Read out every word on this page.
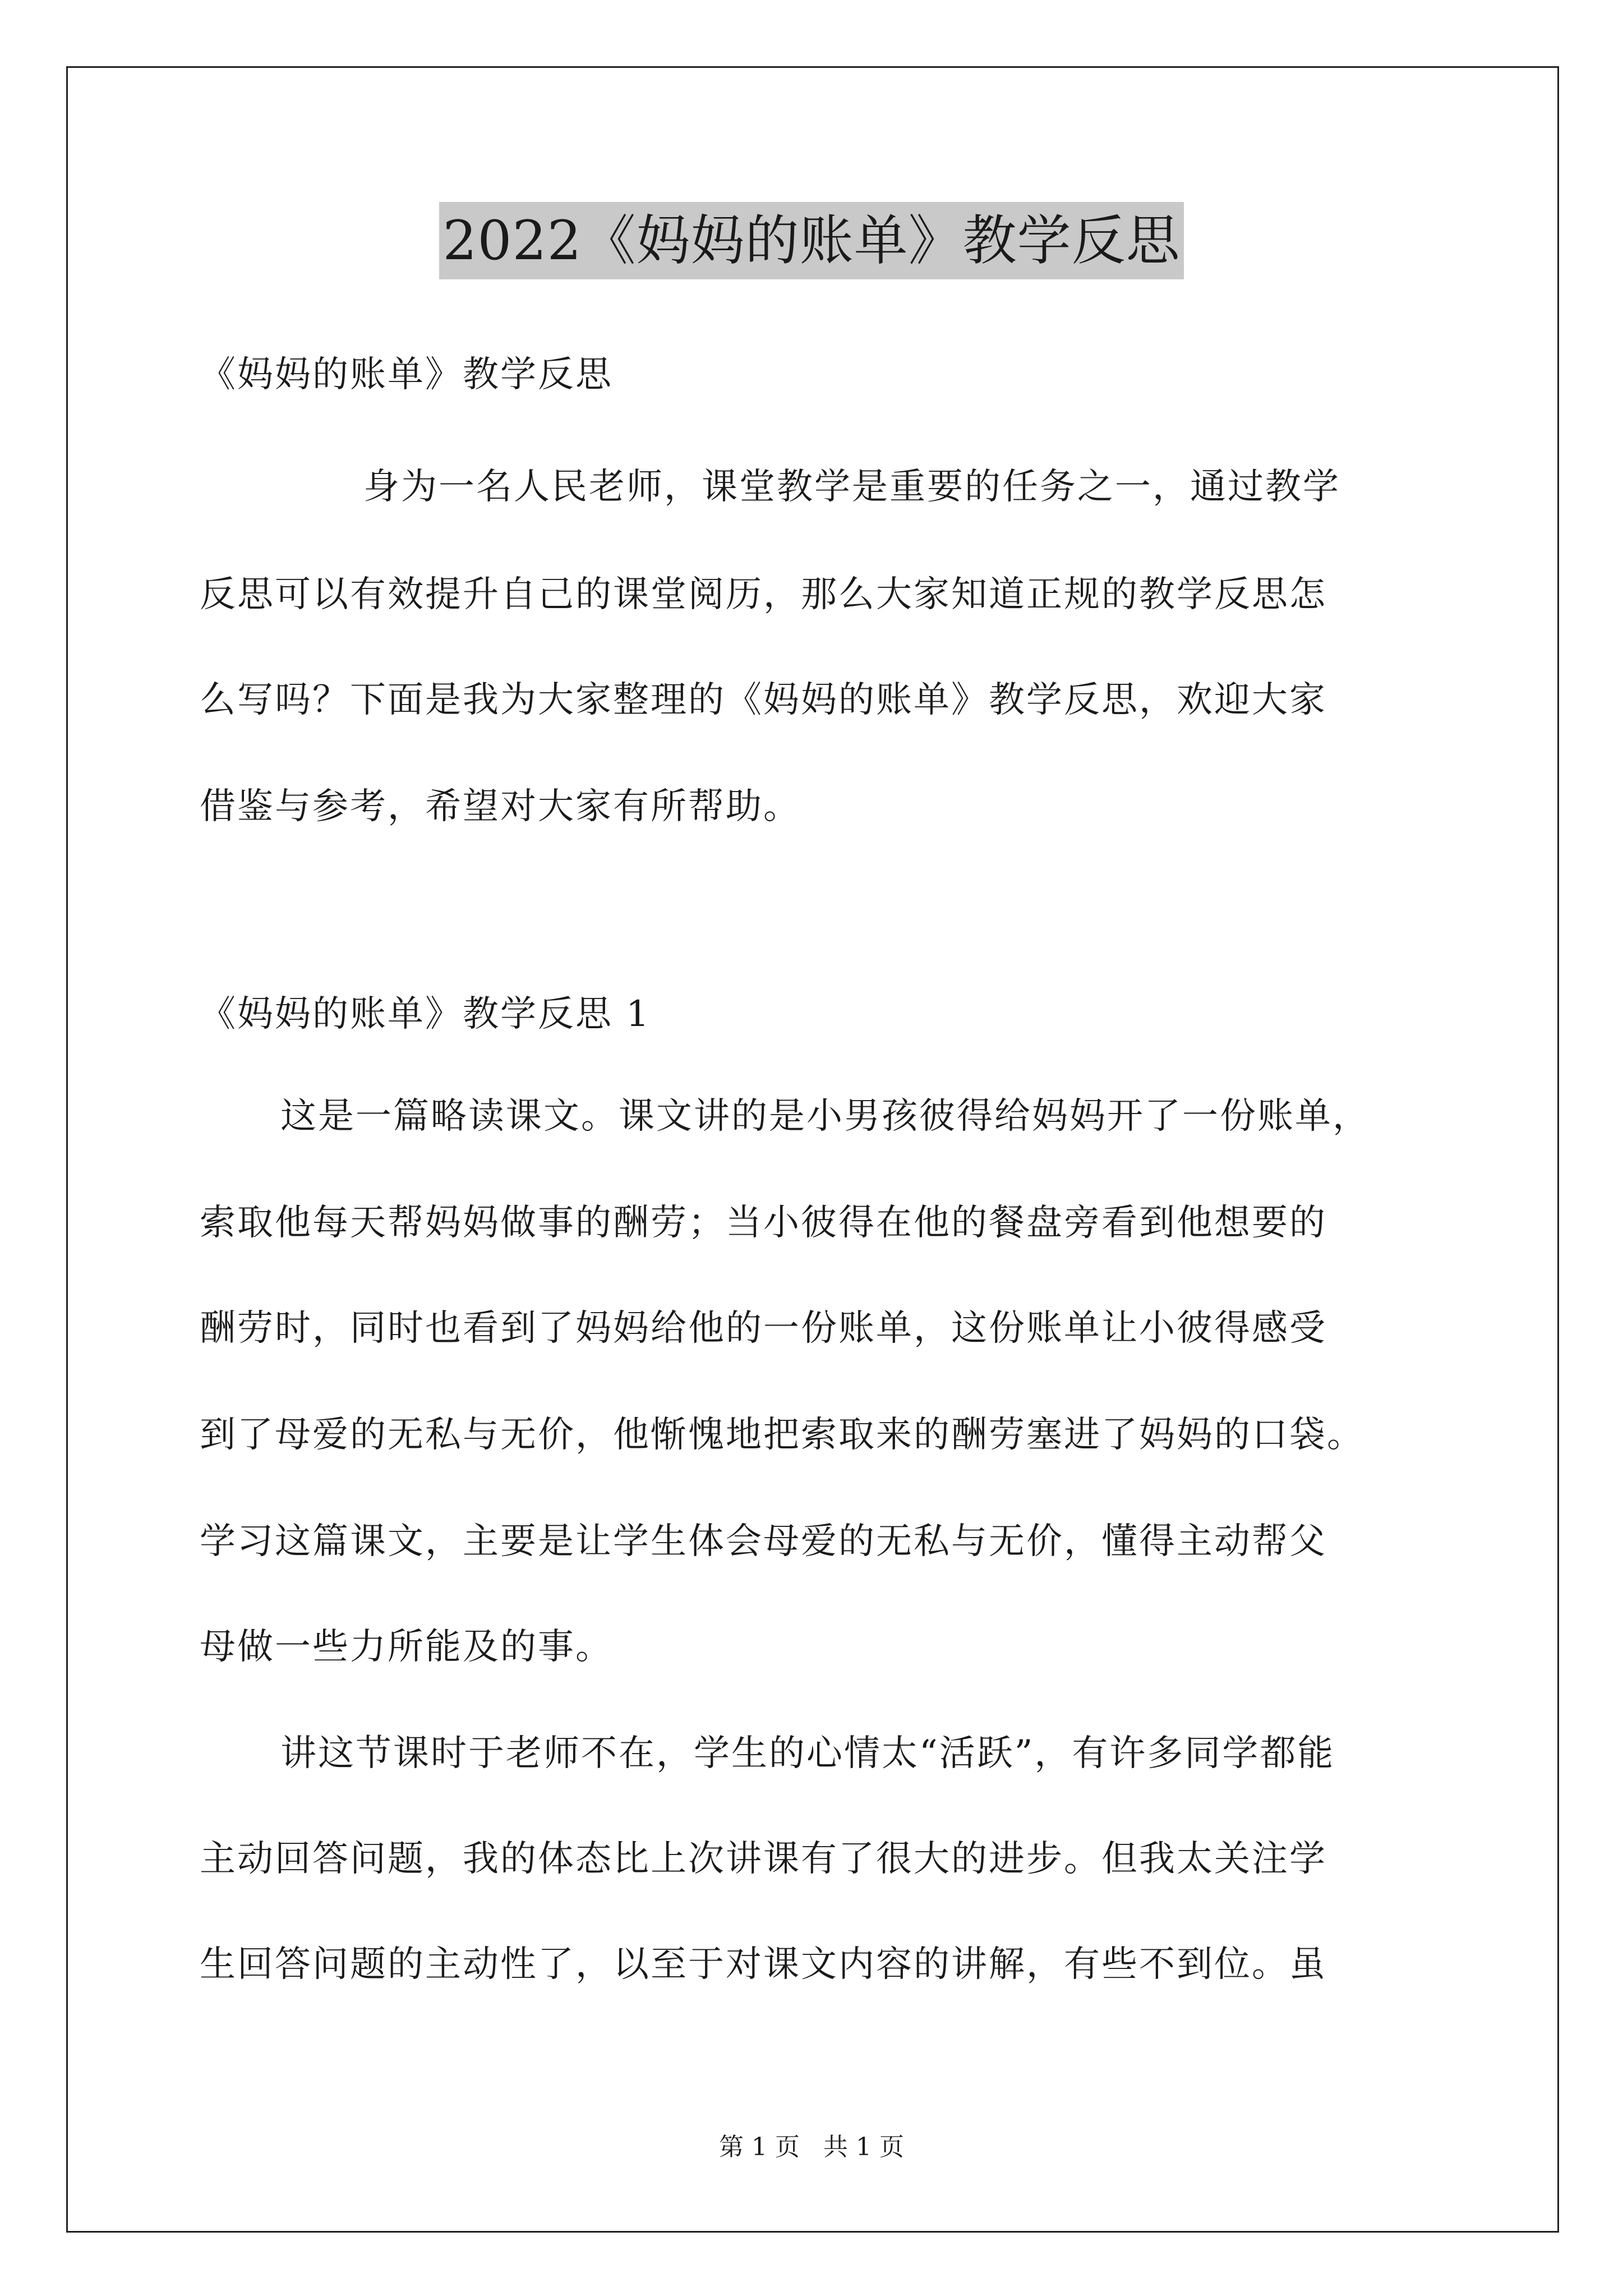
2022《妈妈的账单》教学反思
《妈妈的账单》教学反思
身为一名人民老师，课堂教学是重要的任务之一，通过教学
反思可以有效提升自己的课堂阅历，那么大家知道正规的教学反思怎
么写吗？下面是我为大家整理的《妈妈的账单》教学反思，欢迎大家
借鉴与参考，希望对大家有所帮助。
《妈妈的账单》教学反思 1
这是一篇略读课文。课文讲的是小男孩彼得给妈妈开了一份账单，
索取他每天帮妈妈做事的酬劳；当小彼得在他的餐盘旁看到他想要的
酬劳时，同时也看到了妈妈给他的一份账单，这份账单让小彼得感受
到了母爱的无私与无价，他惭愧地把索取来的酬劳塞进了妈妈的口袋。
学习这篇课文，主要是让学生体会母爱的无私与无价，懂得主动帮父
母做一些力所能及的事。
讲这节课时于老师不在，学生的心情太“活跃”，有许多同学都能
主动回答问题，我的体态比上次讲课有了很大的进步。但我太关注学
生回答问题的主动性了，以至于对课文内容的讲解，有些不到位。虽
第 1 页   共 1 页
